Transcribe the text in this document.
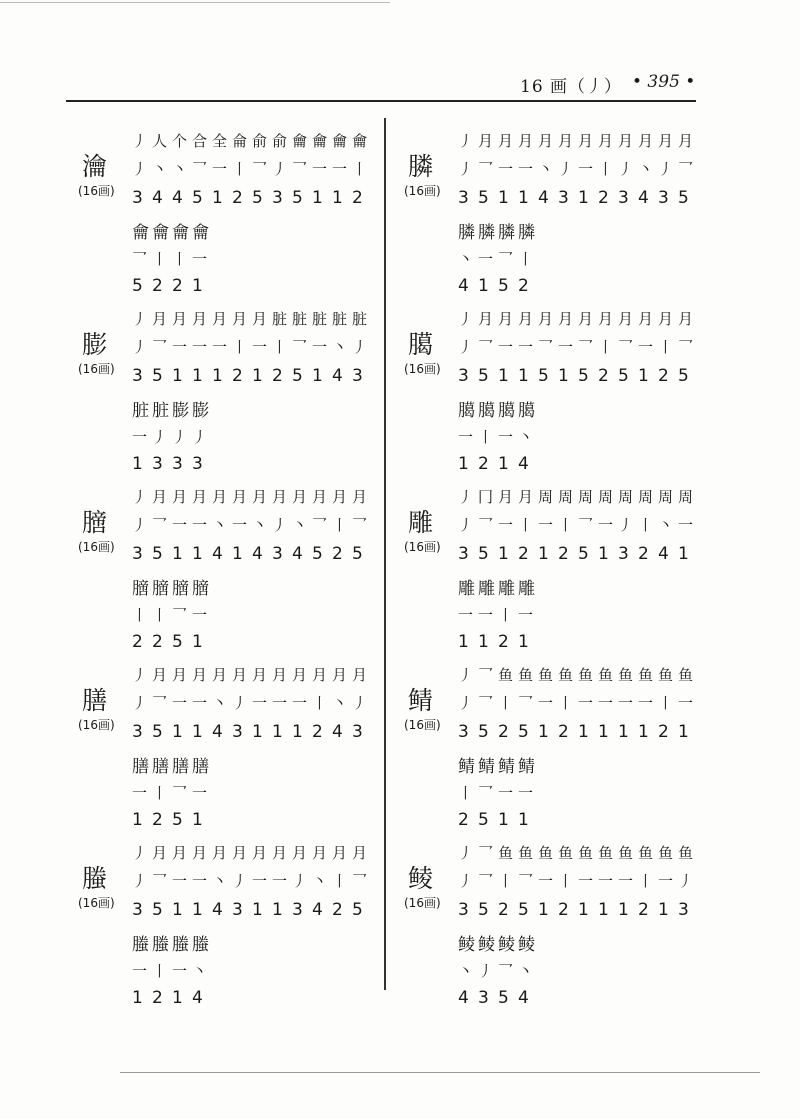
16 画（丿） • 395 •
瀹
(16画)
丿 人 个 合 全 侖 俞 俞 龠 龠 龠 龠
丿 丶 丶 乛 一 丨 乛 丿 乛 一 一 丨
3 4 4 5 1 2 5 3 5 1 1 2
龠 龠 龠 龠
乛 丨 丨 一
5 2 2 1
膨
(16画)
丿 月 月 月 月 月 月 脏 脏 脏 脏 脏
丿 乛 一 一 一 丨 一 丨 乛 一 丶 丿
3 5 1 1 1 2 1 2 5 1 4 3
脏 脏 膨 膨
一 丿 丿 丿
1 3 3 3
膪
(16画)
丿 月 月 月 月 月 月 月 月 月 月 月
丿 乛 一 一 丶 一 丶 丿 丶 乛 丨 乛
3 5 1 1 4 1 4 3 4 5 2 5
膪 膪 膪 膪
丨 丨 乛 一
2 2 5 1
膳
(16画)
丿 月 月 月 月 月 月 月 月 月 月 月
丿 乛 一 一 丶 丿 一 一 一 丨 丶 丿
3 5 1 1 4 3 1 1 1 2 4 3
膳 膳 膳 膳
一 丨 乛 一
1 2 5 1
螣
(16画)
丿 月 月 月 月 月 月 月 月 月 月 月
丿 乛 一 一 丶 丿 一 一 丿 丶 丨 乛
3 5 1 1 4 3 1 1 3 4 2 5
螣 螣 螣 螣
一 丨 一 丶
1 2 1 4
膦
(16画)
丿 月 月 月 月 月 月 月 月 月 月 月
丿 乛 一 一 丶 丿 一 丨 丿 丶 丿 乛
3 5 1 1 4 3 1 2 3 4 3 5
膦 膦 膦 膦
丶 一 乛 丨
4 1 5 2
臈
(16画)
丿 月 月 月 月 月 月 月 月 月 月 月
丿 乛 一 一 乛 一 乛 丨 乛 一 丨 乛
3 5 1 1 5 1 5 2 5 1 2 5
臈 臈 臈 臈
一 丨 一 丶
1 2 1 4
雕
(16画)
丿 冂 月 月 周 周 周 周 周 周 周 周
丿 乛 一 丨 一 丨 乛 一 丿 丨 丶 一
3 5 1 2 1 2 5 1 3 2 4 1
雕 雕 雕 雕
一 一 丨 一
1 1 2 1
鲭
(16画)
丿 乛 鱼 鱼 鱼 鱼 鱼 鱼 鱼 鱼 鱼 鱼
丿 乛 丨 乛 一 丨 一 一 一 一 丨 一
3 5 2 5 1 2 1 1 1 1 2 1
鲭 鲭 鲭 鲭
丨 乛 一 一
2 5 1 1
鲮
(16画)
丿 乛 鱼 鱼 鱼 鱼 鱼 鱼 鱼 鱼 鱼 鱼
丿 乛 丨 乛 一 丨 一 一 一 丨 一 丿
3 5 2 5 1 2 1 1 1 2 1 3
鲮 鲮 鲮 鲮
丶 丿 乛 丶
4 3 5 4
